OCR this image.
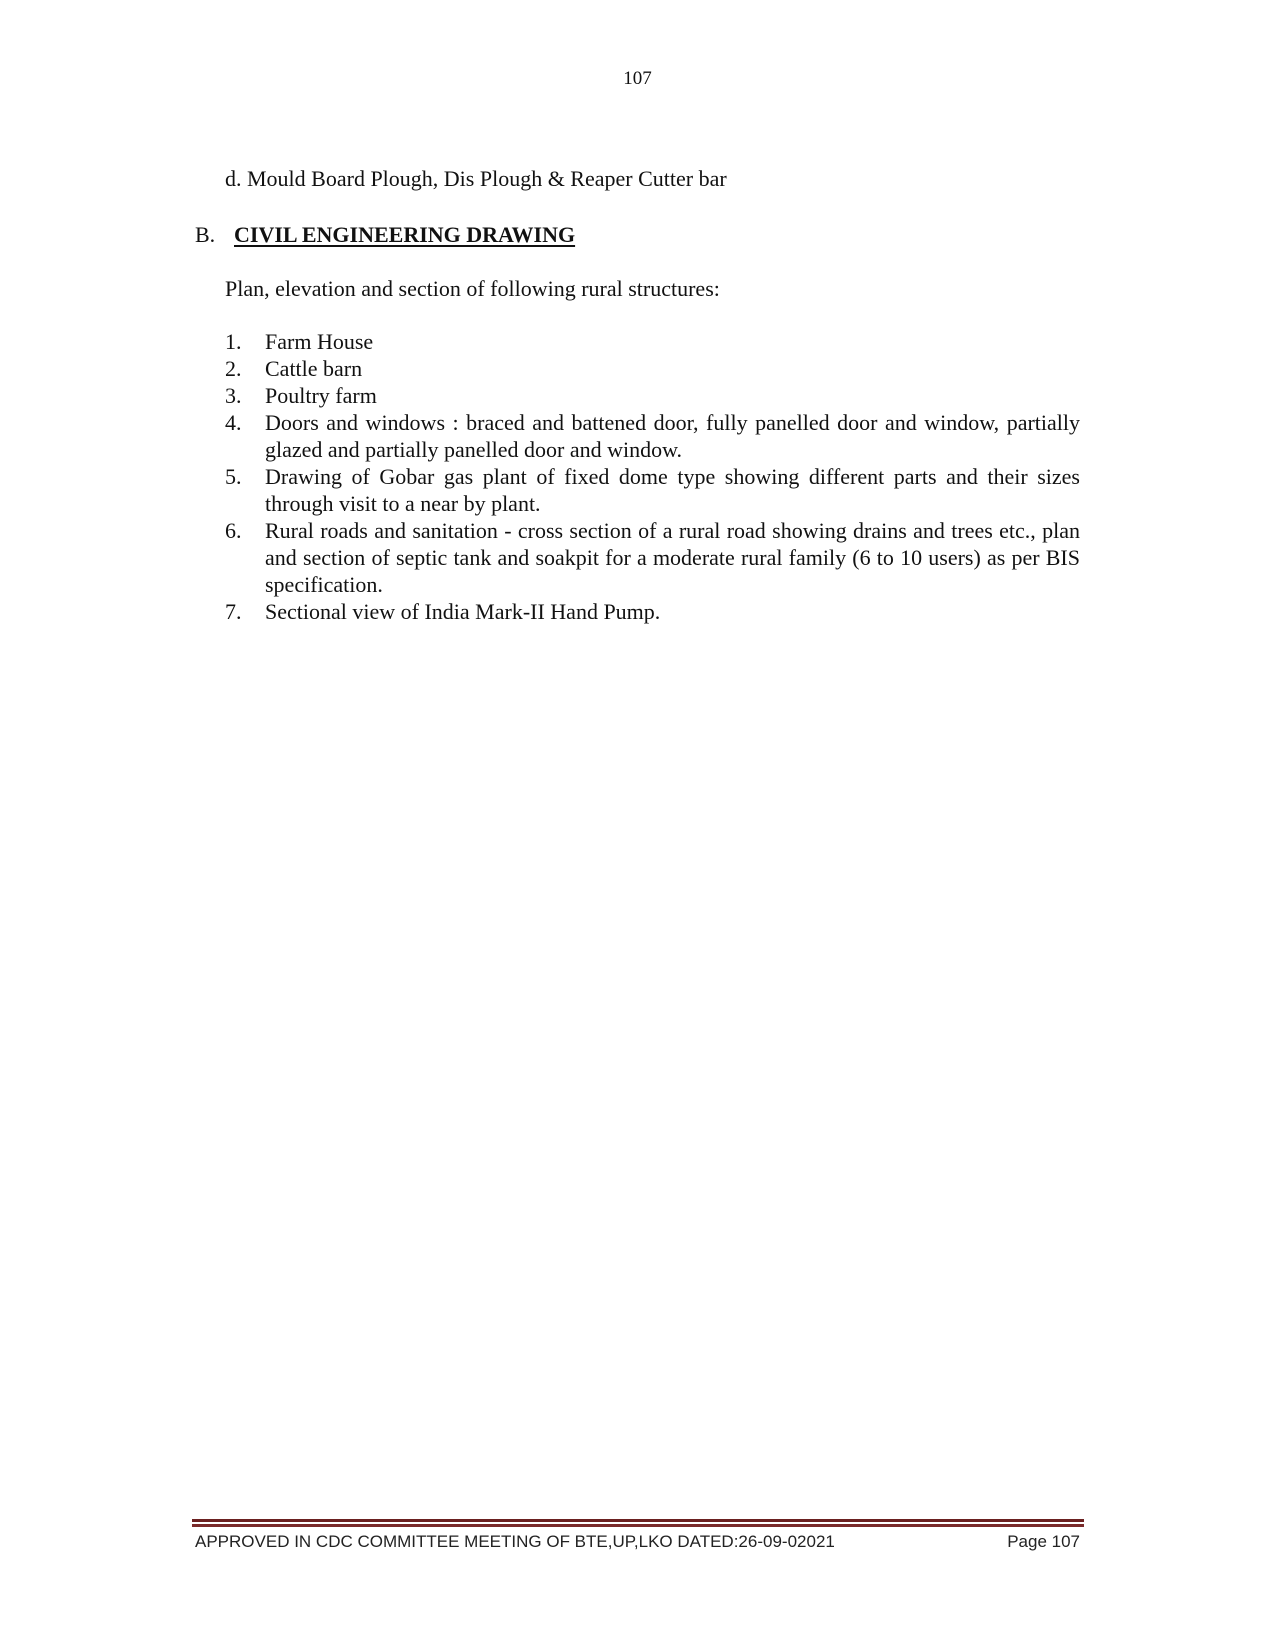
107
d. Mould Board Plough, Dis Plough & Reaper Cutter bar
B. CIVIL ENGINEERING DRAWING
Plan, elevation and section of following rural structures:
1. Farm House
2. Cattle barn
3. Poultry farm
4. Doors and windows : braced and battened door, fully panelled door and window, partially glazed and partially panelled door and window.
5. Drawing of Gobar gas plant of fixed dome type showing different parts and their sizes through visit to a near by plant.
6. Rural roads and sanitation - cross section of a rural road showing drains and trees etc., plan and section of septic tank and soakpit for a moderate rural family (6 to 10 users) as per BIS specification.
7. Sectional view of India Mark-II Hand Pump.
APPROVED IN CDC COMMITTEE MEETING OF BTE,UP,LKO DATED:26-09-02021	Page 107
